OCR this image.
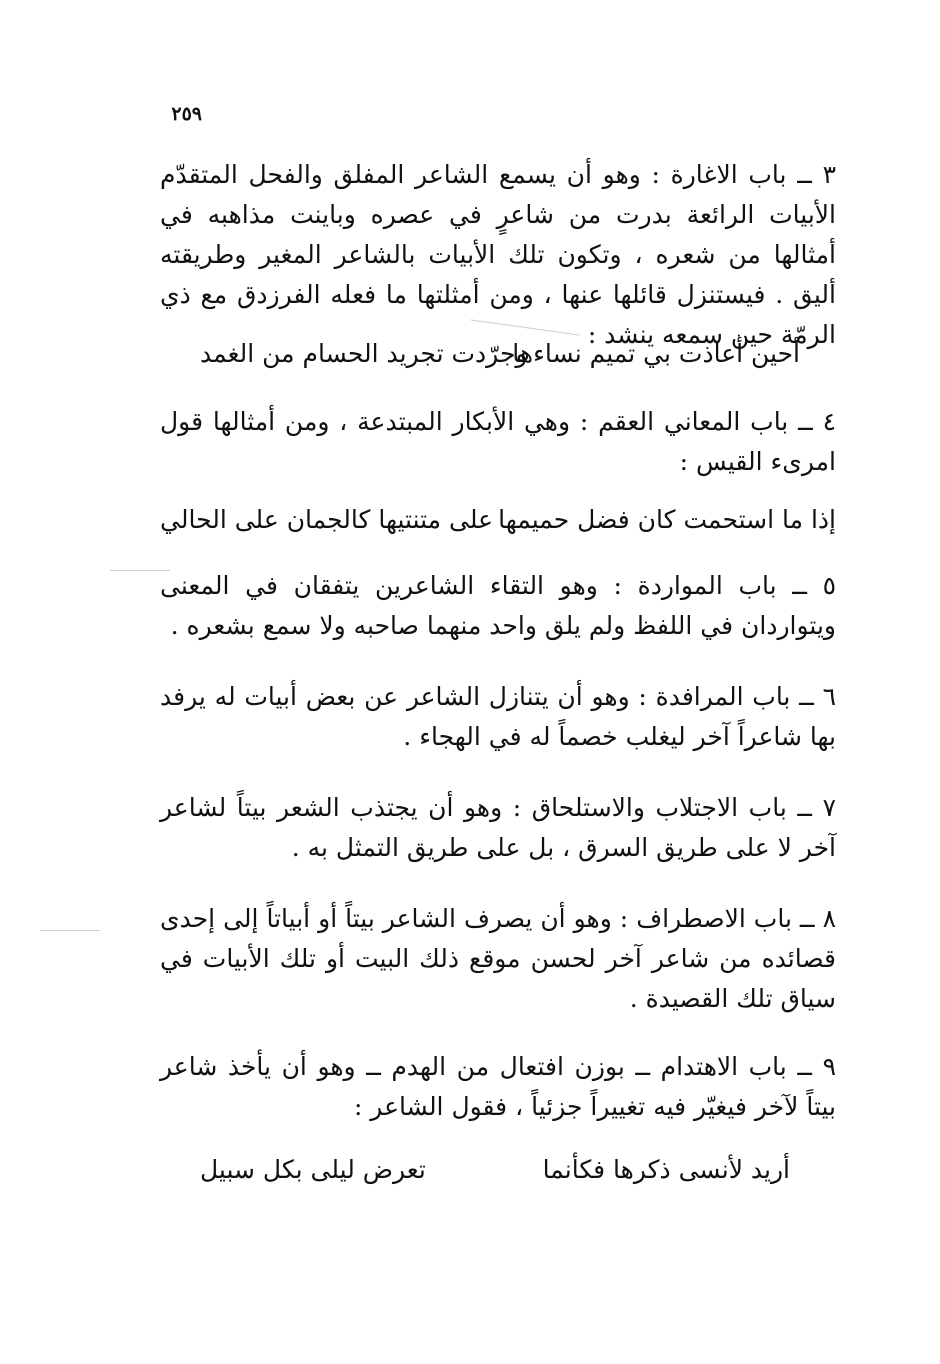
٢٥٩
٣ ــ باب الاغارة : وهو أن يسمع الشاعر المفلق والفحل المتقدّم الأبيات الرائعة بدرت من شاعرٍ في عصره وباينت مذاهبه في أمثالها من شعره ، وتكون تلك الأبيات بالشاعر المغير وطريقته أليق . فيستنزل قائلها عنها ، ومن أمثلتها ما فعله الفرزدق مع ذي الرمّة حين سمعه ينشد :
أحين أعاذت بي تميم نساءها
وجرّدت تجريد الحسام من الغمد
٤ ــ باب المعاني العقم : وهي الأبكار المبتدعة ، ومن أمثالها قول امرىء القيس :
إذا ما استحمت كان فضل حميمها
على متنتيها كالجمان على الحالي
٥ ــ باب المواردة : وهو التقاء الشاعرين يتفقان في المعنى ويتواردان في اللفظ ولم يلق واحد منهما صاحبه ولا سمع بشعره .
٦ ــ باب المرافدة : وهو أن يتنازل الشاعر عن بعض أبيات له يرفد بها شاعراً آخر ليغلب خصماً له في الهجاء .
٧ ــ باب الاجتلاب والاستلحاق : وهو أن يجتذب الشعر بيتاً لشاعر آخر لا على طريق السرق ، بل على طريق التمثل به .
٨ ــ باب الاصطراف : وهو أن يصرف الشاعر بيتاً أو أبياتاً إلى إحدى قصائده من شاعر آخر لحسن موقع ذلك البيت أو تلك الأبيات في سياق تلك القصيدة .
٩ ــ باب الاهتدام ــ بوزن افتعال من الهدم ــ وهو أن يأخذ شاعر بيتاً لآخر فيغيّر فيه تغييراً جزئياً ، فقول الشاعر :
أريد لأنسى ذكرها فكأنما
تعرض ليلى بكل سبيل
